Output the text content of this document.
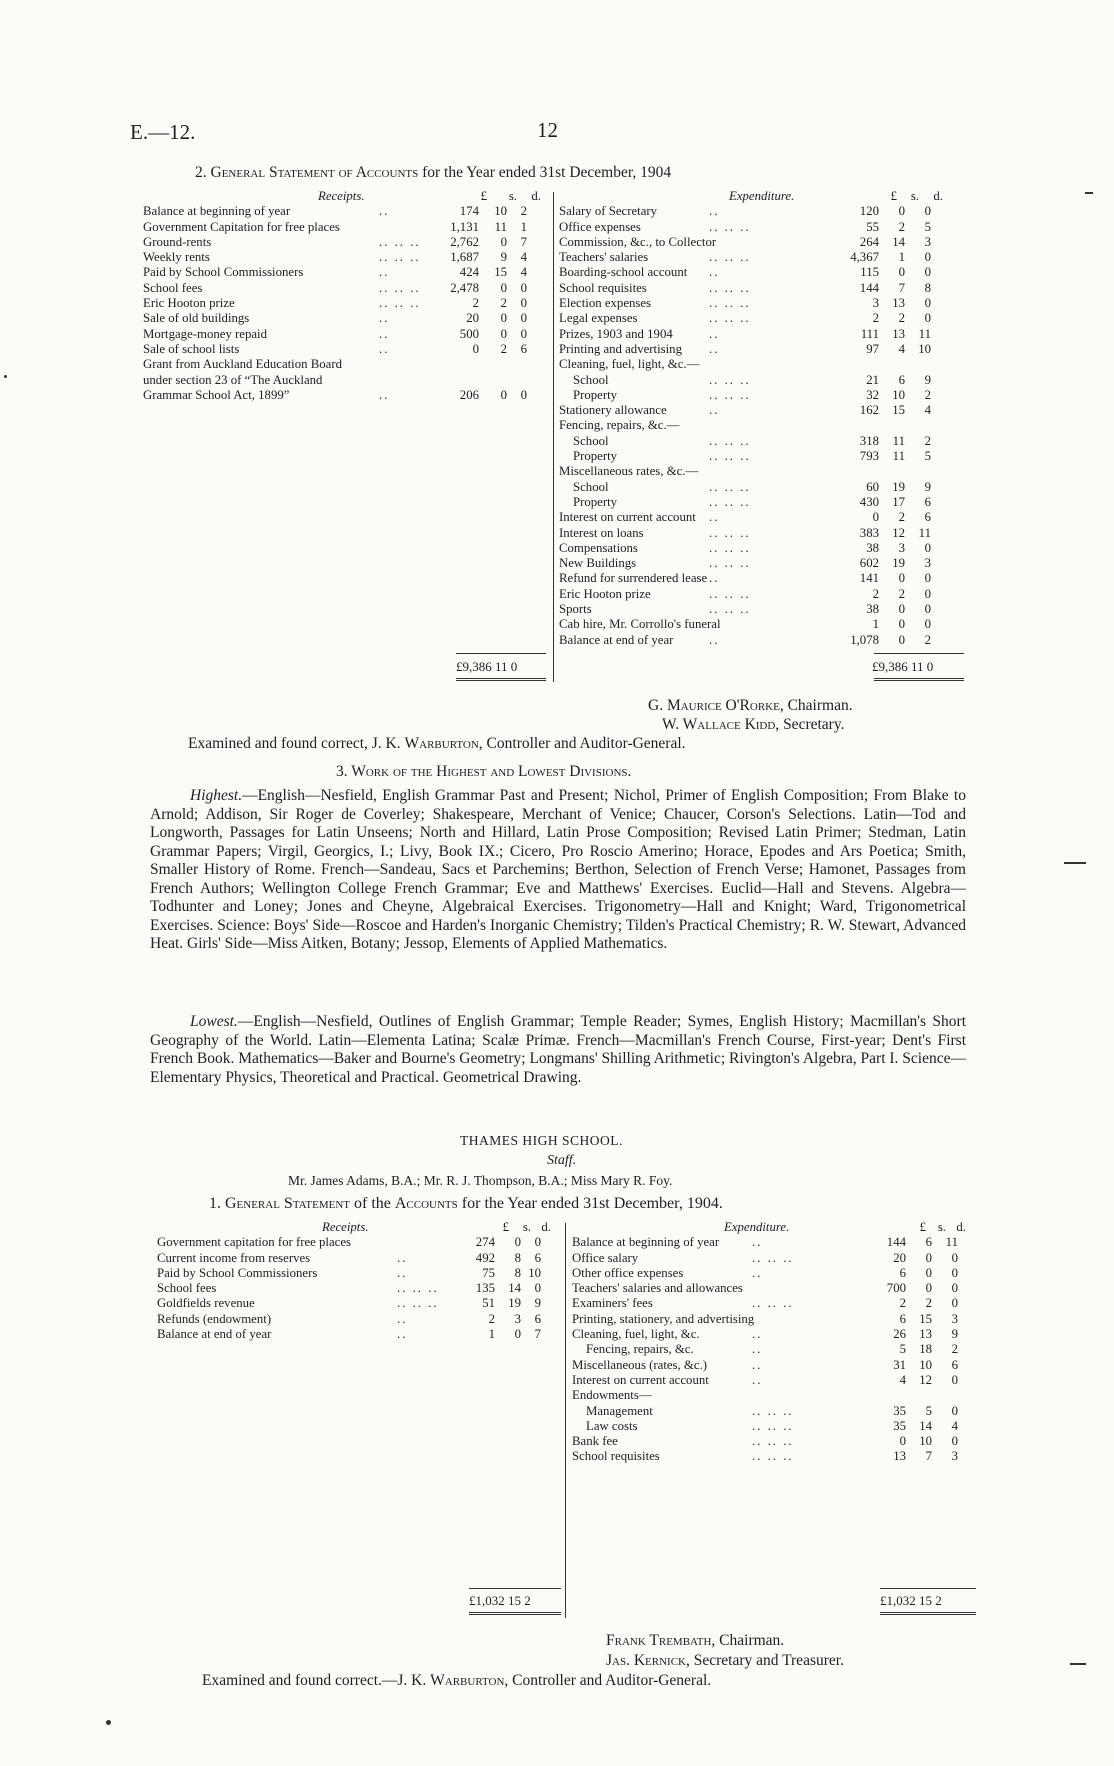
E.—12.	12
2. General Statement of Accounts for the Year ended 31st December, 1904
Receipts.	£	s.	d.
Balance at beginning of year	..	174	10	2
Government Capitation for free places	1,131	11	1
Ground-rents	.. .. ..	2,762	0	7
Weekly rents	.. .. ..	1,687	9	4
Paid by School Commissioners	..	424	15	4
School fees	.. .. ..	2,478	0	0
Eric Hooton prize	.. .. ..	2	2	0
Sale of old buildings	..	20	0	0
Mortgage-money repaid	..	500	0	0
Sale of school lists	..	0	2	6
Grant from Auckland Education Board
under section 23 of “The Auckland
Grammar School Act, 1899”	..	206	0	0
Expenditure.	£	s.	d.
Salary of Secretary	..	120	0	0
Office expenses	.. .. ..	55	2	5
Commission, &c., to Collector	264	14	3
Teachers' salaries	.. .. ..	4,367	1	0
Boarding-school account ..	115	0	0
School requisites	.. .. ..	144	7	8
Election expenses	.. .. ..	3	13	0
Legal expenses	.. .. ..	2	2	0
Prizes, 1903 and 1904	..	111	13	11
Printing and advertising ..	97	4	10
Cleaning, fuel, light, &c.—
School	.. .. ..	21	6	9
Property	.. .. ..	32	10	2
Stationery allowance	..	162	15	4
Fencing, repairs, &c.—
School	.. .. ..	318	11	2
Property	.. .. ..	793	11	5
Miscellaneous rates, &c.—
School	.. .. ..	60	19	9
Property	.. .. ..	430	17	6
Interest on current account ..	0	2	6
Interest on loans	.. .. ..	383	12	11
Compensations	.. .. ..	38	3	0
New Buildings	.. .. ..	602	19	3
Refund for surrendered lease ..	141	0	0
Eric Hooton prize	.. .. ..	2	2	0
Sports	.. .. ..	38	0	0
Cab hire, Mr. Corrollo's funeral	1	0	0
Balance at end of year	..	1,078	0	2
£9,386 11 0	£9,386 11 0
G. Maurice O'Rorke, Chairman.
W. Wallace Kidd, Secretary.
Examined and found correct, J. K. Warburton, Controller and Auditor-General.
3. Work of the Highest and Lowest Divisions.
Highest.—English—Nesfield, English Grammar Past and Present; Nichol, Primer of English Composition; From Blake to Arnold; Addison, Sir Roger de Coverley; Shakespeare, Merchant of Venice; Chaucer, Corson's Selections. Latin—Tod and Longworth, Passages for Latin Unseens; North and Hillard, Latin Prose Composition; Revised Latin Primer; Stedman, Latin Grammar Papers; Virgil, Georgics, I.; Livy, Book IX.; Cicero, Pro Roscio Amerino; Horace, Epodes and Ars Poetica; Smith, Smaller History of Rome. French—Sandeau, Sacs et Parchemins; Berthon, Selection of French Verse; Hamonet, Passages from French Authors; Wellington College French Grammar; Eve and Matthews' Exercises. Euclid—Hall and Stevens. Algebra—Todhunter and Loney; Jones and Cheyne, Algebraical Exercises. Trigonometry—Hall and Knight; Ward, Trigonometrical Exercises. Science: Boys' Side—Roscoe and Harden's Inorganic Chemistry; Tilden's Practical Chemistry; R. W. Stewart, Advanced Heat. Girls' Side—Miss Aitken, Botany; Jessop, Elements of Applied Mathematics.
Lowest.—English—Nesfield, Outlines of English Grammar; Temple Reader; Symes, English History; Macmillan's Short Geography of the World. Latin—Elementa Latina; Scalæ Primæ. French—Macmillan's French Course, First-year; Dent's First French Book. Mathematics—Baker and Bourne's Geometry; Longmans' Shilling Arithmetic; Rivington's Algebra, Part I. Science—Elementary Physics, Theoretical and Practical. Geometrical Drawing.
THAMES HIGH SCHOOL.
Staff.
Mr. James Adams, B.A.; Mr. R. J. Thompson, B.A.; Miss Mary R. Foy.
1. General Statement of the Accounts for the Year ended 31st December, 1904.
Receipts.	£	s. d.
Government capitation for free places	274	0	0
Current income from reserves	..	492	8	6
Paid by School Commissioners	..	75	8 10
School fees	.. .. ..	135	14	0
Goldfields revenue	.. .. ..	51	19	9
Refunds (endowment)	..	2	3	6
Balance at end of year	..	1	0	7
Expenditure.	£ s. d.
Balance at beginning of year	..	144	6	11
Office salary	.. .. ..	20	0	0
Other office expenses	..	6	0	0
Teachers' salaries and allowances	700	0	0
Examiners' fees	.. .. ..	2	2	0
Printing, stationery, and advertising	6	15	3
Cleaning, fuel, light, &c.	..	26	13	9
Fencing, repairs, &c.	..	5	18	2
Miscellaneous (rates, &c.)	..	31	10	6
Interest on current account	..	4	12	0
Endowments—
Management	.. .. ..	35	5	0
Law costs	.. .. ..	35	14	4
Bank fee	.. .. ..	0	10	0
School requisites	.. .. ..	13	7	3
£1,032 15 2	£1,032 15 2
Frank Trembath, Chairman.
Jas. Kernick, Secretary and Treasurer.
Examined and found correct.—J. K. Warburton, Controller and Auditor-General.
